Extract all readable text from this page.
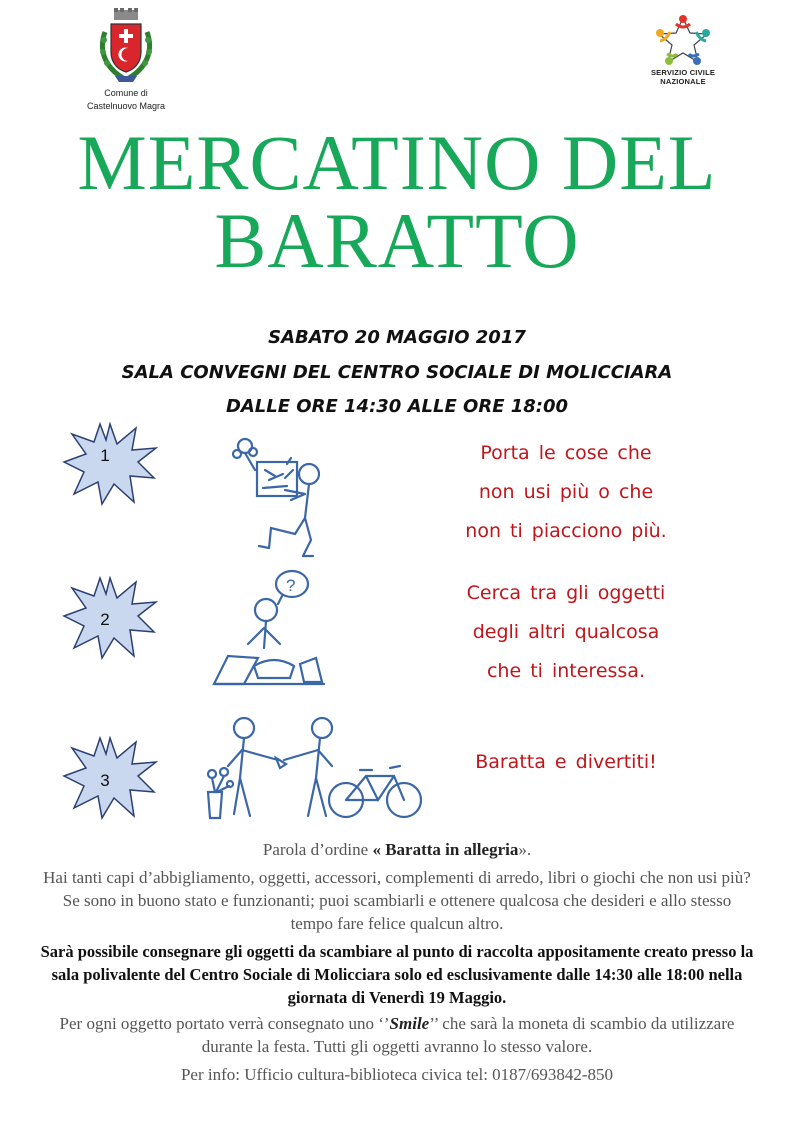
Comune di
Castelnuovo Magra
SERVIZIO CIVILE
NAZIONALE
MERCATINO DEL
BARATTO
SABATO 20 MAGGIO 2017
SALA CONVEGNI DEL CENTRO SOCIALE DI MOLICCIARA
DALLE ORE 14:30 ALLE ORE 18:00
1	Porta le cose che
non usi più o che
non ti piacciono più.
2
?	Cerca tra gli oggetti
degli altri qualcosa
che ti interessa.
3
Baratta e divertiti!
Parola d’ordine « Baratta in allegria».
Hai tanti capi d’abbigliamento, oggetti, accessori, complementi di arredo, libri o giochi che non usi più? Se sono in buono stato e funzionanti; puoi scambiarli e ottenere qualcosa che desideri e allo stesso tempo fare felice qualcun altro.
Sarà possibile consegnare gli oggetti da scambiare al punto di raccolta appositamente creato presso la sala polivalente del Centro Sociale di Molicciara solo ed esclusivamente dalle 14:30 alle 18:00 nella giornata di Venerdì 19 Maggio.
Per ogni oggetto portato verrà consegnato uno ‘’Smile’’ che sarà la moneta di scambio da utilizzare durante la festa. Tutti gli oggetti avranno lo stesso valore.
Per info: Ufficio cultura-biblioteca civica tel: 0187/693842-850
